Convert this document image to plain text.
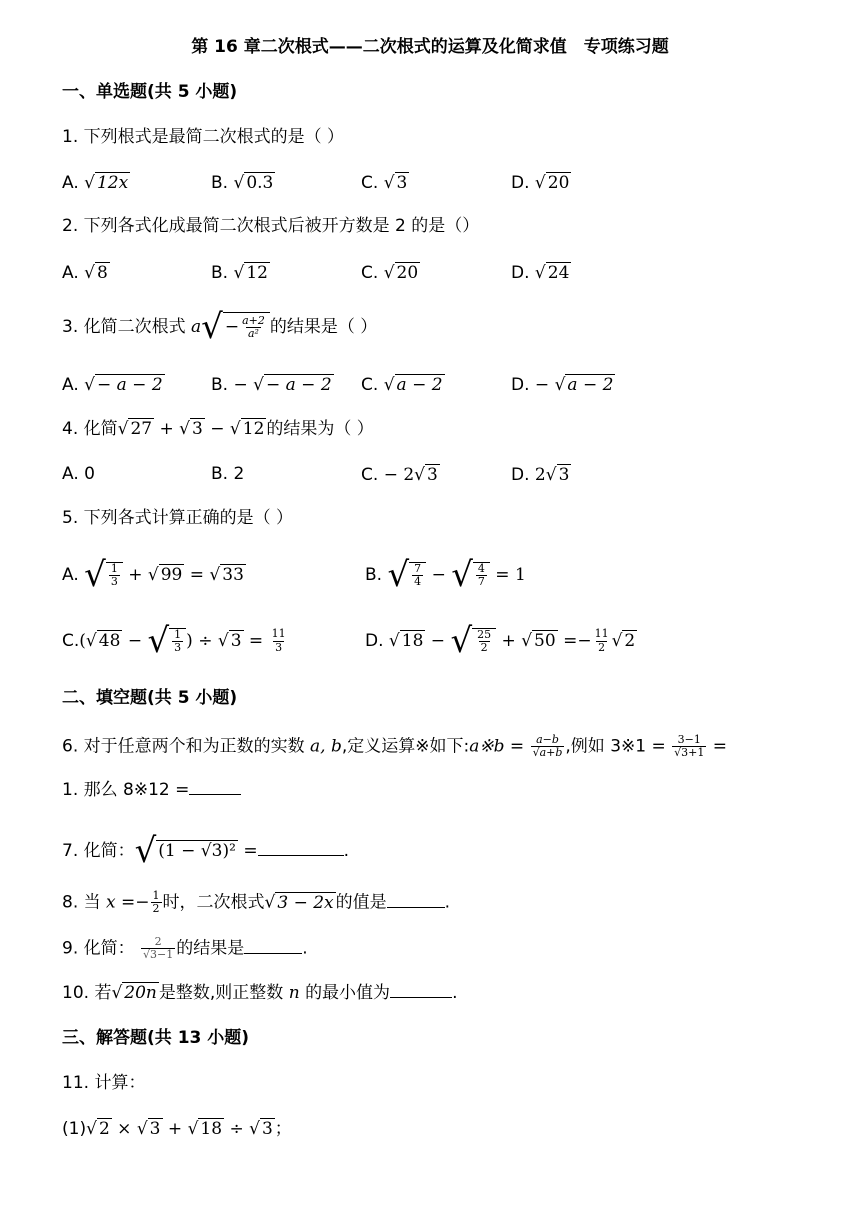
第 16 章二次根式——二次根式的运算及化简求值　专项练习题
一、单选题(共 5 小题)
1. 下列根式是最简二次根式的是（ ）
A. √ 12x	B. √ 0.3	C. √ 3	D. √ 20
2. 下列各式化成最简二次根式后被开方数是 2 的是（）
A. √ 8	B. √ 12	C. √ 20	D. √ 24
3. 化简二次根式 $a√ - \frac{a+2}{\text{a²}}$ 的结果是（ ）
A. √ − a − 2	B. − √ − a − 2 C. √ a − 2	D. − √ a − 2
4. 化简√ 27 + √ 3 − √ 12 的结果为（ ）
A. 0	B. 2	C. − 2√ 3	D. 2√ 3
5. 下列各式计算正确的是（ ）
A. √ $\frac{1}{3}$ + √ 99 = √ 33	B. √ $\frac{7}{4}$ − √ $\frac{4}{7} = 1$
C.(√ 48 − √ $\frac{1}{3}$ ) ÷ √ $3 = \frac{11}{3}$	D. √ 18 − √ $\frac{25}{2}$ + √ $50 =- \frac{11}{2}$ √ 2
二、填空题(共 5 小题)
6. 对于任意两个和为正数的实数 a, b,定义运算※如下:a※b = $\frac{a-b}{√a+b}$ ,例如 3※1 = $\frac{3-1}{√3+1}$ =
1. 那么 8※12 =
7. 化简：√ (1 − √3)² =	.
8. 当 $x =- \frac{1}{2}$ 时，二次根式√ 3 − 2x 的值是	.
9. 化简： $\frac{2}{√3-1}$ 的结果是	.
10. 若√ 20n 是整数,则正整数 n 的最小值为	.
三、解答题(共 13 小题)
11. 计算：
(1)√ 2 × √ 3 + √ 18 ÷ √ 3 ；
